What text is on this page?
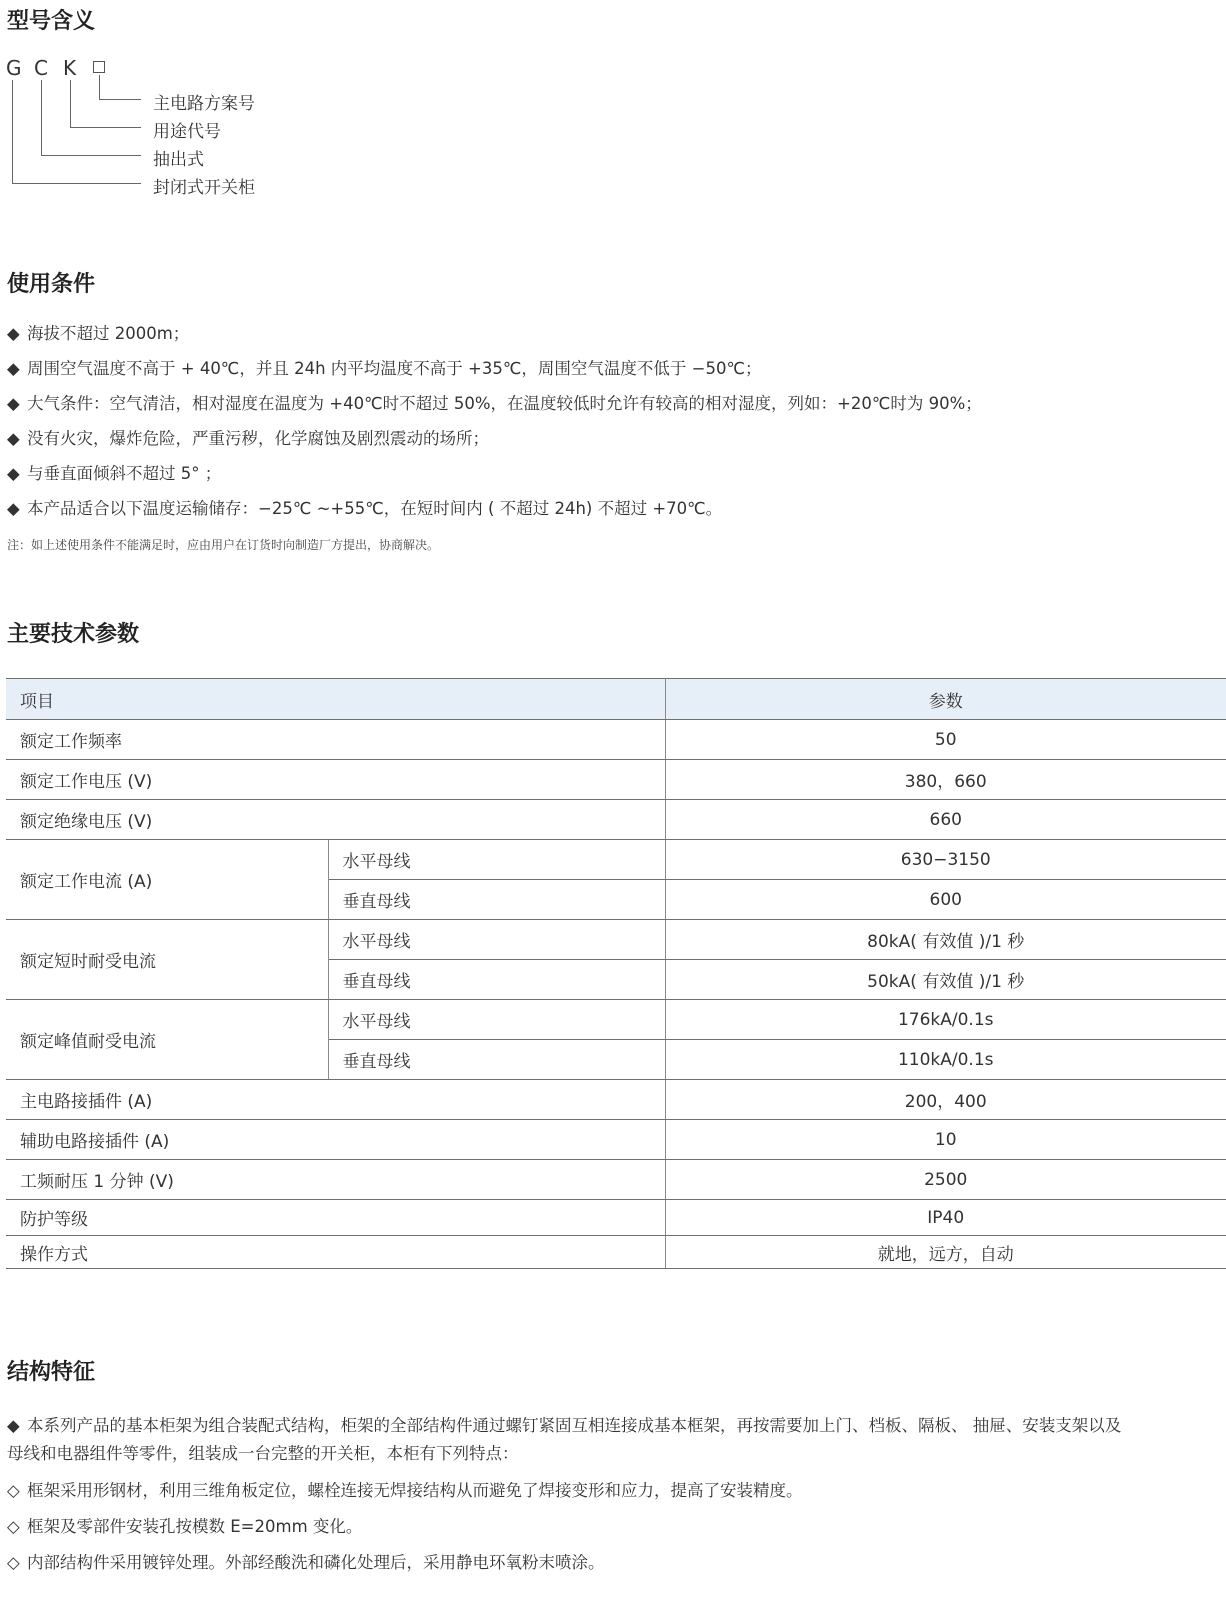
型号含义
G C K
主电路方案号
用途代号
抽出式
封闭式开关柜
使用条件
◆ 海拔不超过 2000m；
◆ 周围空气温度不高于 + 40℃，并且 24h 内平均温度不高于 +35℃，周围空气温度不低于 −50℃；
◆ 大气条件：空气清洁，相对湿度在温度为 +40℃时不超过 50%，在温度较低时允许有较高的相对湿度，列如：+20℃时为 90%；
◆ 没有火灾，爆炸危险，严重污秽，化学腐蚀及剧烈震动的场所；
◆ 与垂直面倾斜不超过 5° ；
◆ 本产品适合以下温度运输储存：−25℃ ~+55℃，在短时间内 ( 不超过 24h) 不超过 +70℃。
注：如上述使用条件不能满足时，应由用户在订货时向制造厂方提出，协商解决。
主要技术参数
项目		参数
额定工作频率		50
额定工作电压 (V)		380，660
额定绝缘电压 (V)		660
额定工作电流 (A)	水平母线	630−3150
	垂直母线	600
额定短时耐受电流	水平母线	80kA( 有效值 )/1 秒
	垂直母线	50kA( 有效值 )/1 秒
额定峰值耐受电流	水平母线	176kA/0.1s
	垂直母线	110kA/0.1s
主电路接插件 (A)		200，400
辅助电路接插件 (A)		10
工频耐压 1 分钟 (V)		2500
防护等级		IP40
操作方式		就地，远方，自动
结构特征
◆ 本系列产品的基本柜架为组合装配式结构，柜架的全部结构件通过螺钉紧固互相连接成基本框架，再按需要加上门、档板、隔板、 抽屉、安装支架以及
母线和电器组件等零件，组装成一台完整的开关柜，本柜有下列特点：
◇ 框架采用形钢材，利用三维角板定位，螺栓连接无焊接结构从而避免了焊接变形和应力，提高了安装精度。
◇ 框架及零部件安装孔按模数 E=20mm 变化。
◇ 内部结构件采用镀锌处理。外部经酸洗和磷化处理后，采用静电环氧粉末喷涂。
